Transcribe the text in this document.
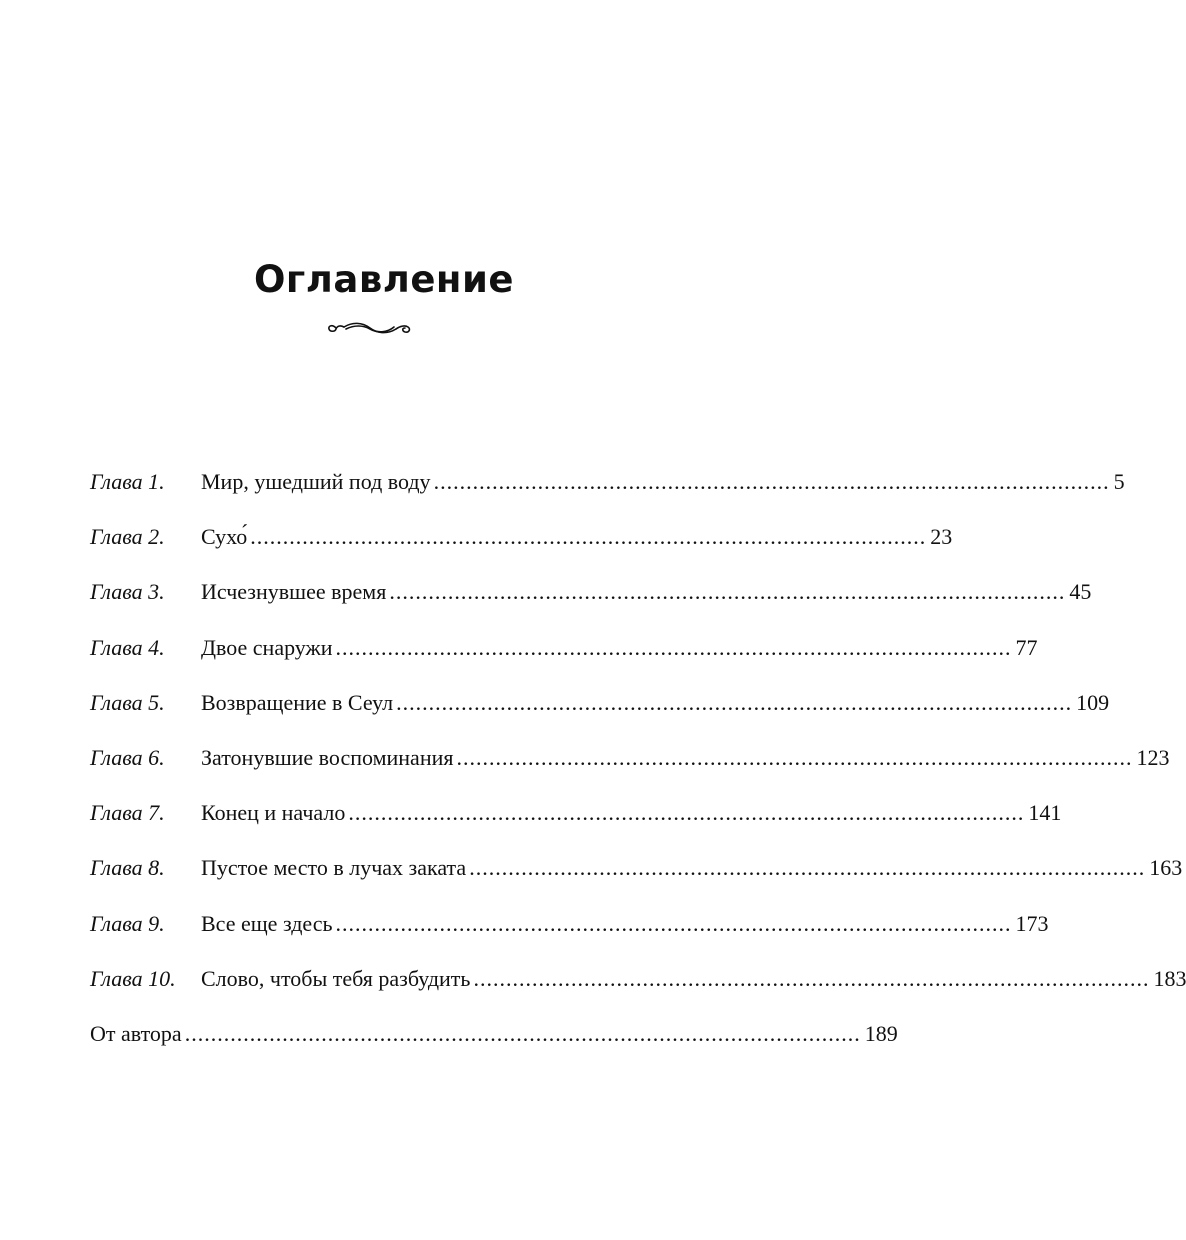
Оглавление
Глава 1.	Мир, ушедший под воду ........................................................................................................ 5
Глава 2.	Сухо́ ........................................................................................................ 23
Глава 3.	Исчезнувшее время ........................................................................................................ 45
Глава 4.	Двое снаружи ........................................................................................................ 77
Глава 5.	Возвращение в Сеул ........................................................................................................ 109
Глава 6.	Затонувшие воспоминания ........................................................................................................ 123
Глава 7.	Конец и начало ........................................................................................................ 141
Глава 8.	Пустое место в лучах заката ........................................................................................................ 163
Глава 9.	Все еще здесь ........................................................................................................ 173
Глава 10.	Слово, чтобы тебя разбудить ........................................................................................................ 183
От автора ........................................................................................................ 189
